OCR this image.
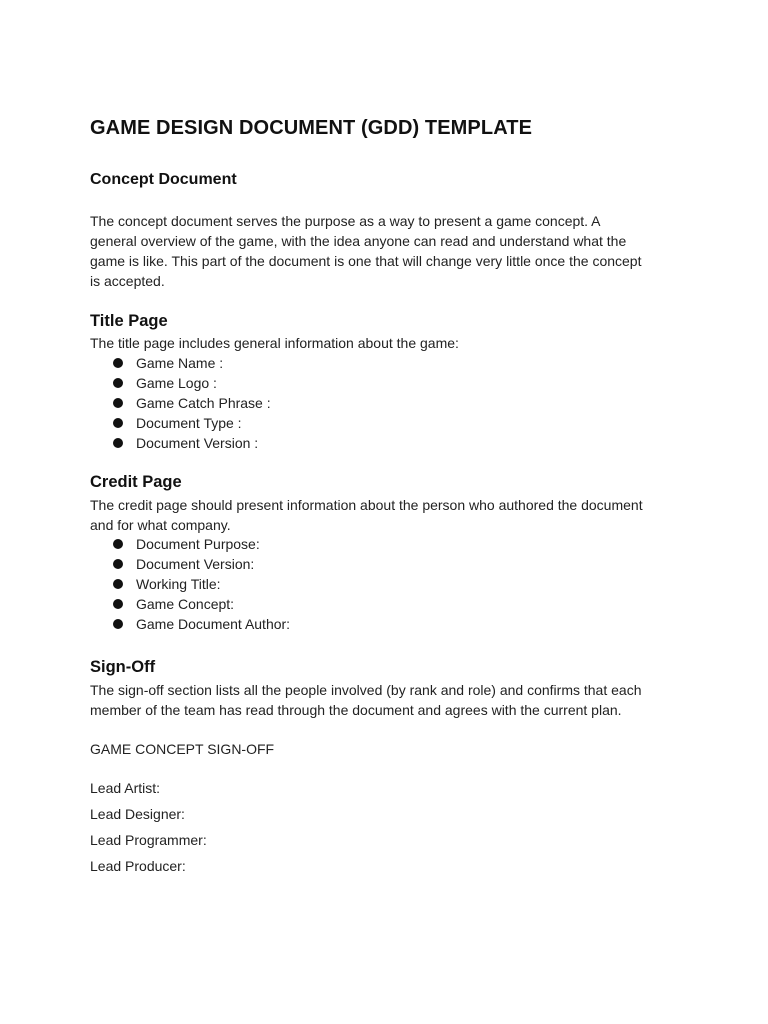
GAME DESIGN DOCUMENT (GDD) TEMPLATE
Concept Document
The concept document serves the purpose as a way to present a game concept. A
general overview of the game, with the idea anyone can read and understand what the
game is like. This part of the document is one that will change very little once the concept
is accepted.
Title Page

The title page includes general information about the game:

Game Name :
Game Logo :
Game Catch Phrase :
Document Type :
Document Version :
Credit Page
The credit page should present information about the person who authored the document
and for what company.
Document Purpose:
Document Version:
Working Title:
Game Concept:
Game Document Author:
Sign-Off
The sign-off section lists all the people involved (by rank and role) and confirms that each
member of the team has read through the document and agrees with the current plan.

GAME CONCEPT SIGN-OFF

Lead Artist:

Lead Designer:

Lead Programmer:

Lead Producer:
